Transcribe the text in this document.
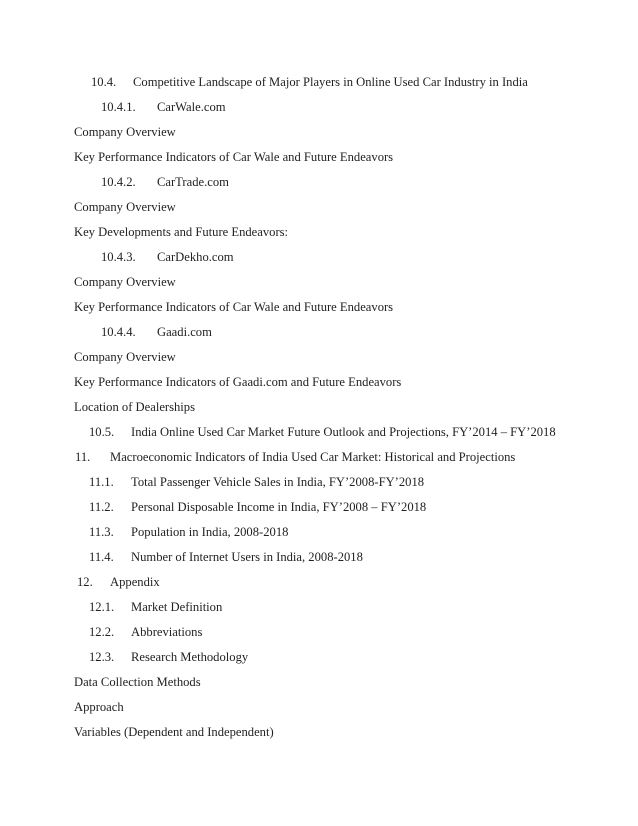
10.4. Competitive Landscape of Major Players in Online Used Car Industry in India
10.4.1. CarWale.com
Company Overview
Key Performance Indicators of Car Wale and Future Endeavors
10.4.2. CarTrade.com
Company Overview
Key Developments and Future Endeavors:
10.4.3. CarDekho.com
Company Overview
Key Performance Indicators of Car Wale and Future Endeavors
10.4.4. Gaadi.com
Company Overview
Key Performance Indicators of Gaadi.com and Future Endeavors
Location of Dealerships
10.5. India Online Used Car Market Future Outlook and Projections, FY’2014 – FY’2018
11. Macroeconomic Indicators of India Used Car Market: Historical and Projections
11.1. Total Passenger Vehicle Sales in India, FY’2008-FY’2018
11.2. Personal Disposable Income in India, FY’2008 – FY’2018
11.3. Population in India, 2008-2018
11.4. Number of Internet Users in India, 2008-2018
12. Appendix
12.1. Market Definition
12.2. Abbreviations
12.3. Research Methodology
Data Collection Methods
Approach
Variables (Dependent and Independent)
